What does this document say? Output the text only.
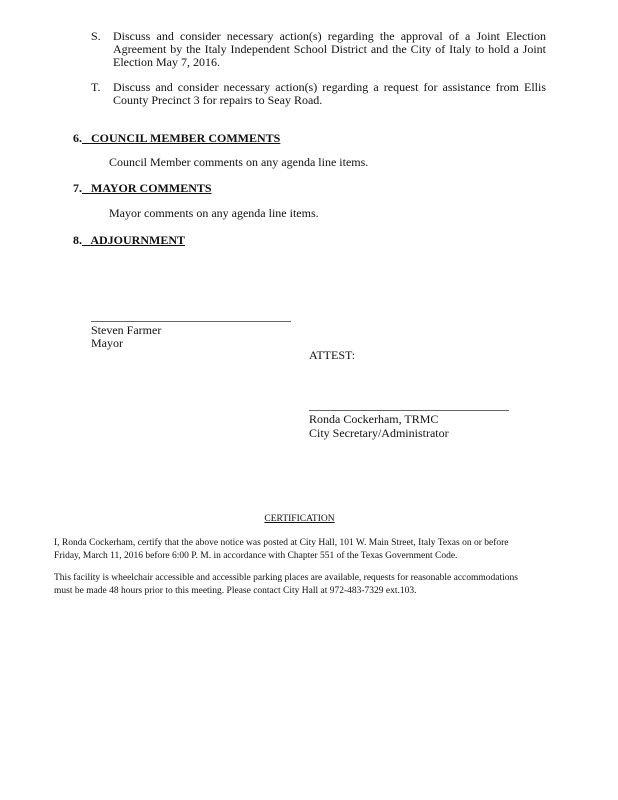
S. Discuss and consider necessary action(s) regarding the approval of a Joint Election Agreement by the Italy Independent School District and the City of Italy to hold a Joint Election May 7, 2016.
T. Discuss and consider necessary action(s) regarding a request for assistance from Ellis County Precinct 3 for repairs to Seay Road.
6. COUNCIL MEMBER COMMENTS
Council Member comments on any agenda line items.
7. MAYOR COMMENTS
Mayor comments on any agenda line items.
8. ADJOURNMENT
Steven Farmer
Mayor
ATTEST:
Ronda Cockerham, TRMC
City Secretary/Administrator
CERTIFICATION
I, Ronda Cockerham, certify that the above notice was posted at City Hall, 101 W. Main Street, Italy Texas on or before Friday, March 11, 2016 before 6:00 P. M. in accordance with Chapter 551 of the Texas Government Code.
This facility is wheelchair accessible and accessible parking places are available, requests for reasonable accommodations must be made 48 hours prior to this meeting. Please contact City Hall at 972-483-7329 ext.103.
